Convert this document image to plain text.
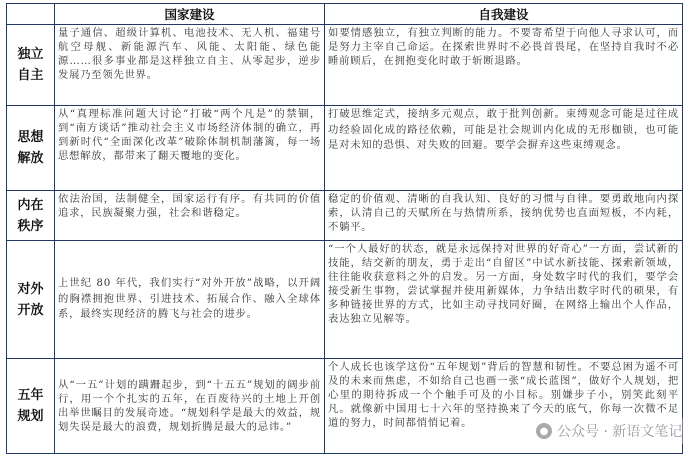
	国家建设	自我建设

独立自主	量子通信、超级计算机、电池技术、无人机、福建号航空母舰、新能源汽车、风能、太阳能、绿色能源……很多事业都是这样独立自主、从零起步，逆步发展乃至领先世界。	如要情感独立，有独立判断的能力。不要寄希望于向他人寻求认可，而是努力主宰自己命运。在探索世界时不必畏首畏尾，在坚持自我时不必睡前顾后，在拥抱变化时敢于斩断退路。

思想解放	从“真理标准问题大讨论”打破“两个凡是”的禁锢，到“南方谈话”推动社会主义市场经济体制的确立，再到新时代“全面深化改革”破除体制机制藩篱，每一场思想解放，都带来了翻天覆地的变化。	打破思维定式，接纳多元观点，敢于批判创新。束缚观念可能是过往成功经验固化成的路径依赖，可能是社会规训内化成的无形枷锁，也可能是对未知的恐惧、对失败的回避。要学会摒弃这些束缚观念。

内在秩序	依法治国，法制健全，国家运行有序。有共同的价值追求，民族凝聚力强，社会和谐稳定。	稳定的价值观、清晰的自我认知、良好的习惯与自律。要勇敢地向内探索，认清自己的天赋所在与热情所系，接纳优势也直面短板，不内耗，不躺平。

对外开放	上世纪 80 年代，我们实行“对外开放”战略，以开阔的胸襟拥抱世界、引进技术、拓展合作、融入全球体系，最终实现经济的腾飞与社会的进步。	“一个人最好的状态，就是永远保持对世界的好奇心”一方面，尝试新的技能，结交新的朋友，勇于走出“自留区”中试水新技能、探索新领域，往往能收获意料之外的启发。另一方面，身处数字时代的我们，要学会接受新生事物，尝试掌握并使用新媒体，力争结出数字时代的硕果，有多种链接世界的方式，比如主动寻找同好圈，在网络上输出个人作品，表达独立见解等。

五年规划	从“一五”计划的蹒跚起步，到“十五五”规划的阔步前行，用一个个扎实的五年，在百废待兴的土地上开创出举世瞩目的发展奇迹。“规划科学是最大的效益，规划失误是最大的浪费，规划折腾是最大的忌讳。”	个人成长也该学这份“五年规划”背后的智慧和韧性。不要总困为遥不可及的未来而焦虑，不如给自己也画一张“成长蓝图”，做好个人规划，把心里的期待拆成一个个触手可及的小目标。别嫌步子小，别笑此刻平凡。就像新中国用七十六年的坚持换来了今天的底气，你每一次微不足道的努力，时间都悄悄记着。

● 公众号 · 新语文笔记
